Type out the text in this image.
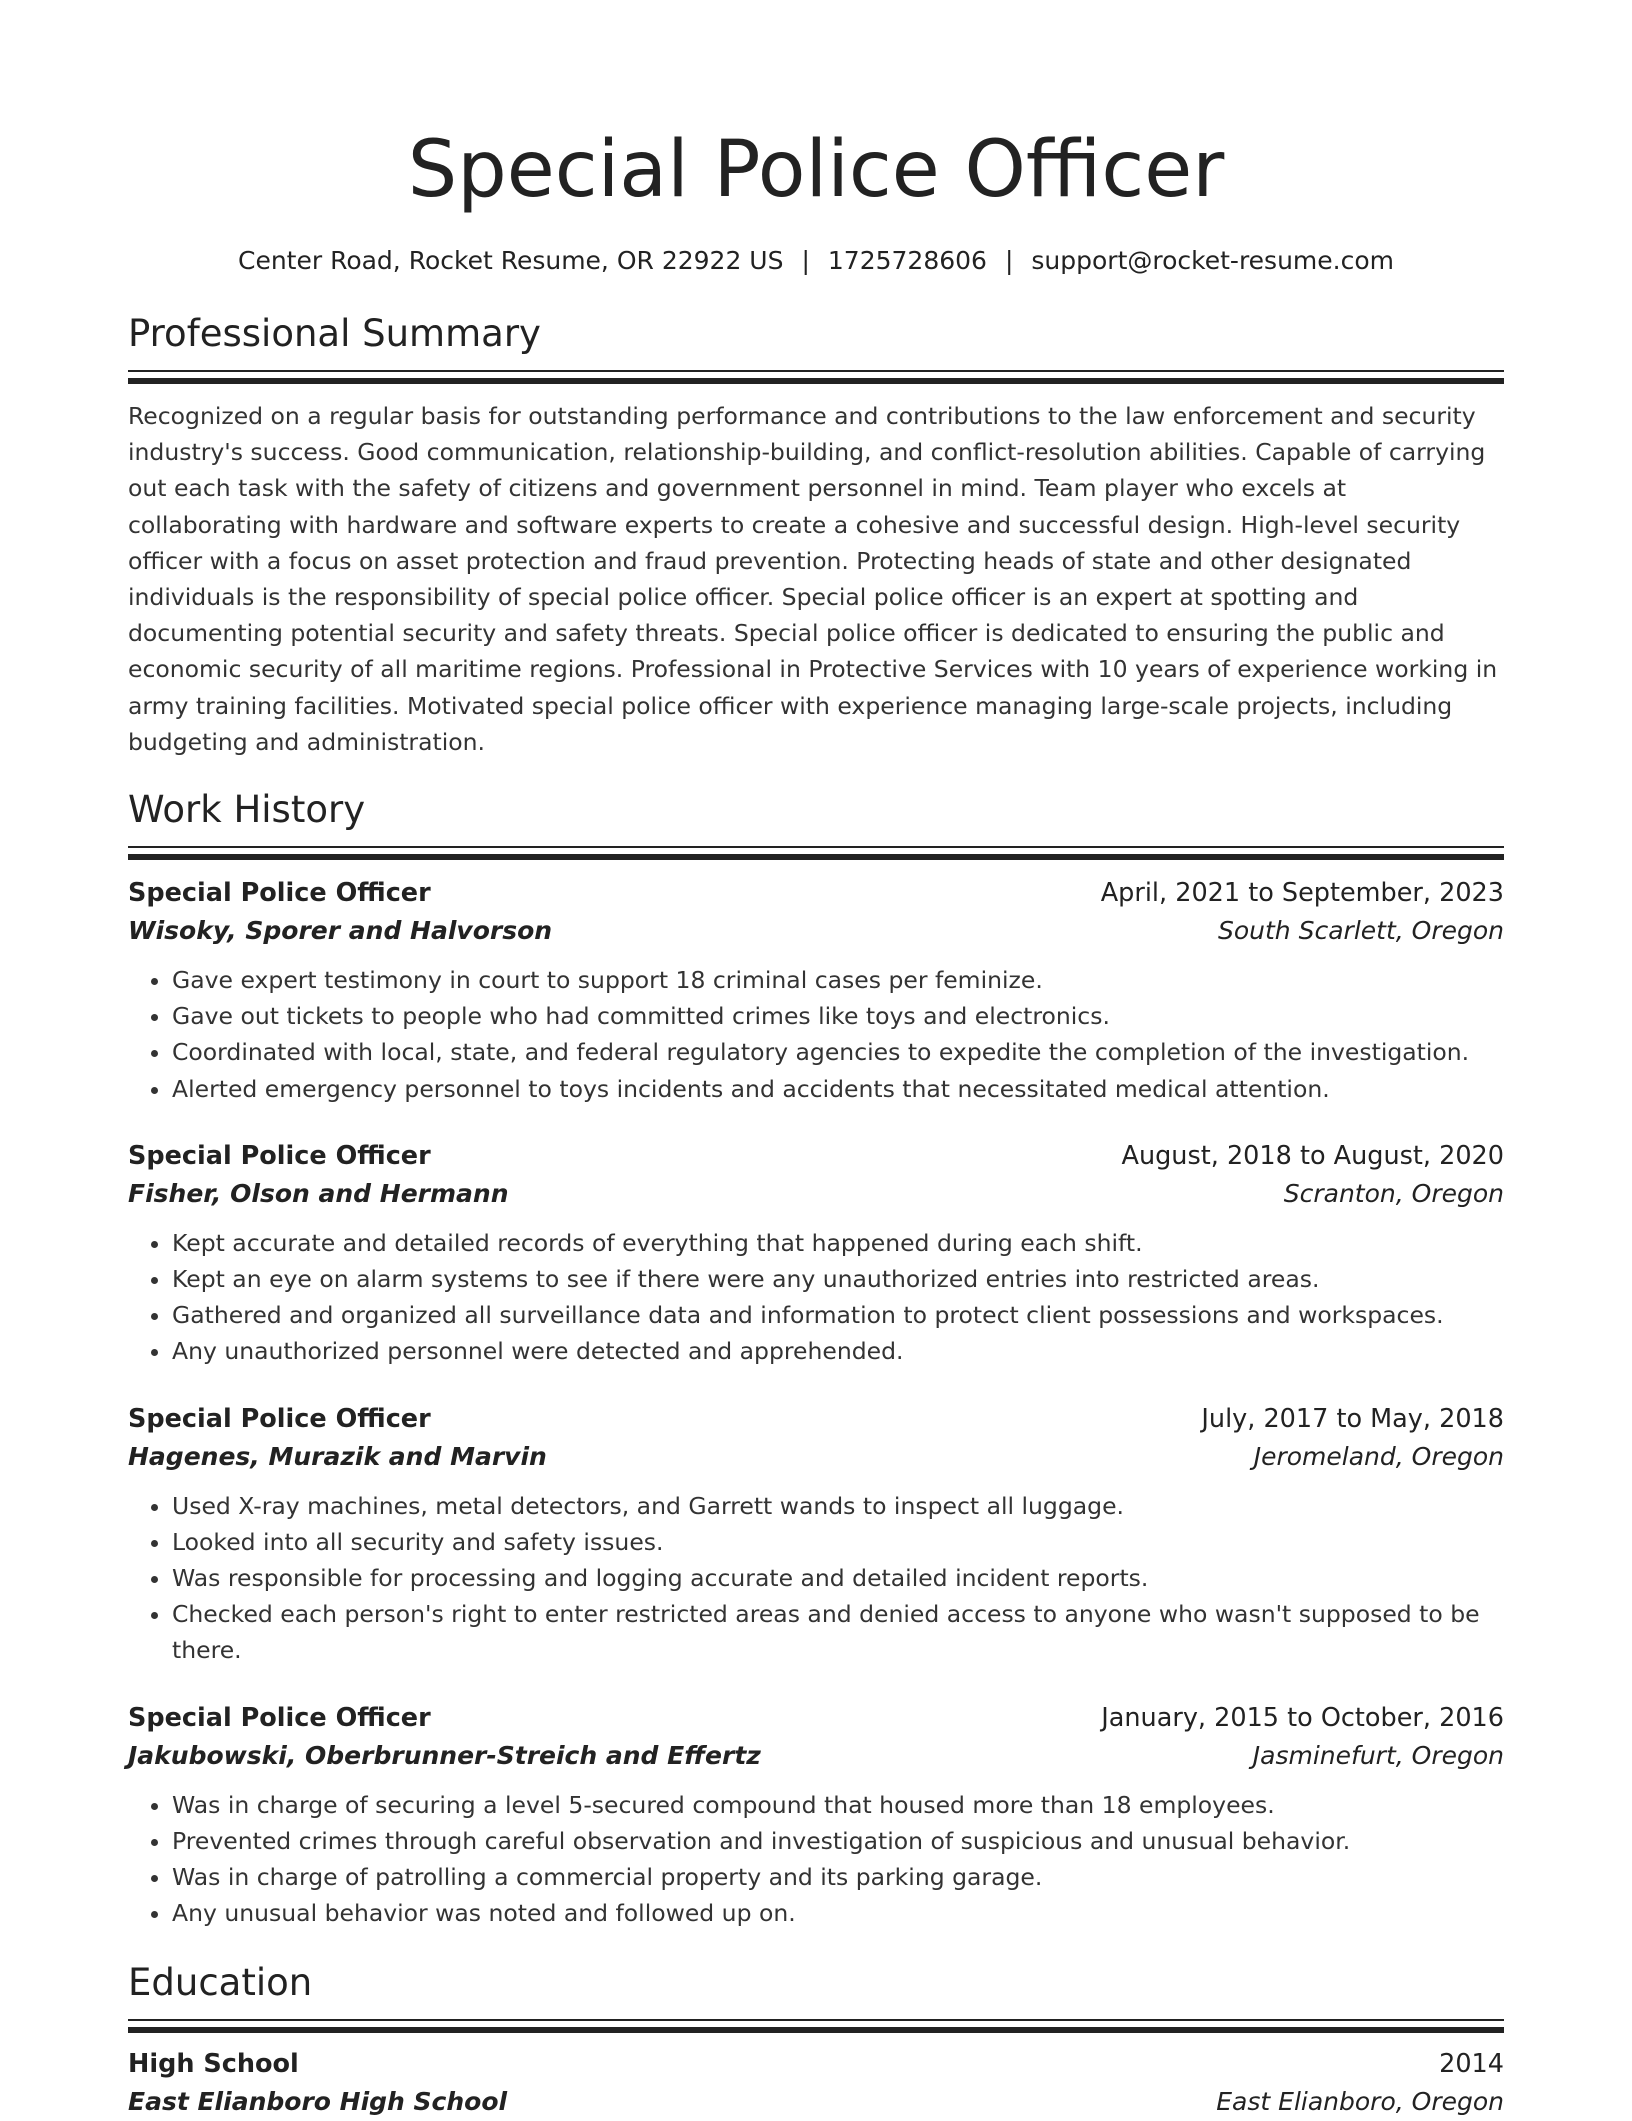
Special Police Officer
Center Road, Rocket Resume, OR 22922 US | 1725728606 | support@rocket-resume.com
Professional Summary
Recognized on a regular basis for outstanding performance and contributions to the law enforcement and security industry's success. Good communication, relationship-building, and conflict-resolution abilities. Capable of carrying out each task with the safety of citizens and government personnel in mind. Team player who excels at collaborating with hardware and software experts to create a cohesive and successful design. High-level security officer with a focus on asset protection and fraud prevention. Protecting heads of state and other designated individuals is the responsibility of special police officer. Special police officer is an expert at spotting and documenting potential security and safety threats. Special police officer is dedicated to ensuring the public and economic security of all maritime regions. Professional in Protective Services with 10 years of experience working in army training facilities. Motivated special police officer with experience managing large-scale projects, including budgeting and administration.
Work History
Special Police Officer	April, 2021 to September, 2023
Wisoky, Sporer and Halvorson	South Scarlett, Oregon
• Gave expert testimony in court to support 18 criminal cases per feminize.
• Gave out tickets to people who had committed crimes like toys and electronics.
• Coordinated with local, state, and federal regulatory agencies to expedite the completion of the investigation.
• Alerted emergency personnel to toys incidents and accidents that necessitated medical attention.
Special Police Officer	August, 2018 to August, 2020
Fisher, Olson and Hermann	Scranton, Oregon
• Kept accurate and detailed records of everything that happened during each shift.
• Kept an eye on alarm systems to see if there were any unauthorized entries into restricted areas.
• Gathered and organized all surveillance data and information to protect client possessions and workspaces.
• Any unauthorized personnel were detected and apprehended.
Special Police Officer	July, 2017 to May, 2018
Hagenes, Murazik and Marvin	Jeromeland, Oregon
• Used X-ray machines, metal detectors, and Garrett wands to inspect all luggage.
• Looked into all security and safety issues.
• Was responsible for processing and logging accurate and detailed incident reports.
• Checked each person's right to enter restricted areas and denied access to anyone who wasn't supposed to be there.
Special Police Officer	January, 2015 to October, 2016
Jakubowski, Oberbrunner-Streich and Effertz	Jasminefurt, Oregon
• Was in charge of securing a level 5-secured compound that housed more than 18 employees.
• Prevented crimes through careful observation and investigation of suspicious and unusual behavior.
• Was in charge of patrolling a commercial property and its parking garage.
• Any unusual behavior was noted and followed up on.
Education
High School	2014
East Elianboro High School	East Elianboro, Oregon
